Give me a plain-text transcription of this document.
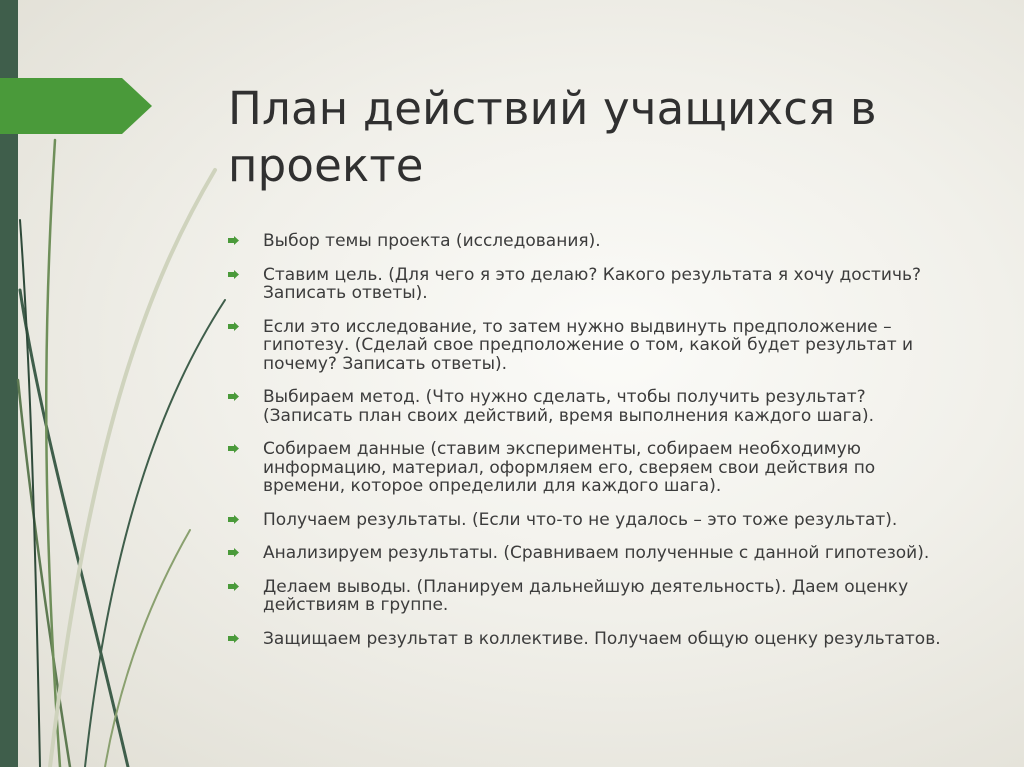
План действий учащихся в проекте
Выбор темы проекта (исследования).
Ставим цель. (Для чего я это делаю? Какого результата я хочу достичь? Записать ответы).
Если это исследование, то затем нужно выдвинуть предположение – гипотезу. (Сделай свое предположение о том, какой будет результат и почему? Записать ответы).
Выбираем метод. (Что нужно сделать, чтобы получить результат? (Записать план своих действий, время выполнения каждого шага).
Собираем данные (ставим эксперименты, собираем необходимую информацию, материал, оформляем его, сверяем свои действия по времени, которое определили для каждого шага).
Получаем результаты. (Если что-то не удалось – это тоже результат).
Анализируем результаты. (Сравниваем полученные с данной гипотезой).
Делаем выводы. (Планируем дальнейшую деятельность). Даем оценку действиям в группе.
Защищаем результат в коллективе. Получаем общую оценку результатов.
